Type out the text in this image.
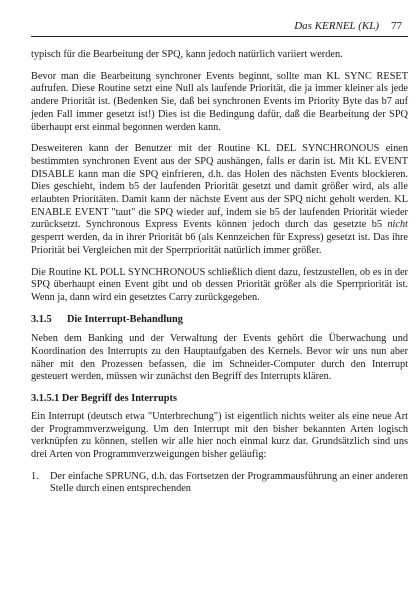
Das KERNEL (KL) 77

typisch für die Bearbeitung der SPQ, kann jedoch natürlich variiert werden.

Bevor man die Bearbeitung synchroner Events beginnt, sollte man KL SYNC RESET aufrufen. Diese Routine setzt eine Null als laufende Priorität, die ja immer kleiner als jede andere Priorität ist. (Bedenken Sie, daß bei synchronen Events im Priority Byte das b7 auf jeden Fall immer gesetzt ist!) Dies ist die Bedingung dafür, daß die Bearbeitung der SPQ überhaupt erst einmal begonnen werden kann.

Desweiteren kann der Benutzer mit der Routine KL DEL SYNCHRONOUS einen bestimmten synchronen Event aus der SPQ aushängen, falls er darin ist. Mit KL EVENT DISABLE kann man die SPQ einfrieren, d.h. das Holen des nächsten Events blockieren. Dies geschieht, indem b5 der laufenden Priorität gesetzt und damit größer wird, als alle erlaubten Prioritäten. Damit kann der nächste Event aus der SPQ nicht geholt werden. KL ENABLE EVENT "taut" die SPQ wieder auf, indem sie b5 der laufenden Priorität wieder zurücksetzt. Synchronous Express Events können jedoch durch das gesetzte b5 nicht gesperrt werden, da in ihrer Priorität b6 (als Kennzeichen für Express) gesetzt ist. Das ihre Priorität bei Vergleichen mit der Sperrpriorität natürlich immer größer.

Die Routine KL POLL SYNCHRONOUS schließlich dient dazu, festzustellen, ob es in der SPQ überhaupt einen Event gibt und ob dessen Priorität größer als die Sperrpriorität ist. Wenn ja, dann wird ein gesetztes Carry zurückgegeben.

3.1.5 Die Interrupt-Behandlung

Neben dem Banking und der Verwaltung der Events gehört die Überwachung und Koordination des Interrupts zu den Hauptaufgaben des Kernels. Bevor wir uns nun aber näher mit den Prozessen befassen, die im Schneider-Computer durch den Interrupt gesteuert werden, müssen wir zunächst den Begriff des Interrupts klären.

3.1.5.1 Der Begriff des Interrupts

Ein Interrupt (deutsch etwa "Unterbrechung") ist eigentlich nichts weiter als eine neue Art der Programmverzweigung. Um den Interrupt mit den bisher bekannten Arten logisch verknüpfen zu können, stellen wir alle hier noch einmal kurz dar. Grundsätzlich sind uns drei Arten von Programmverzweigungen bisher geläufig:

1.	Der einfache SPRUNG, d.h. das Fortsetzen der Programmausführung an einer anderen Stelle durch einen entsprechenden
